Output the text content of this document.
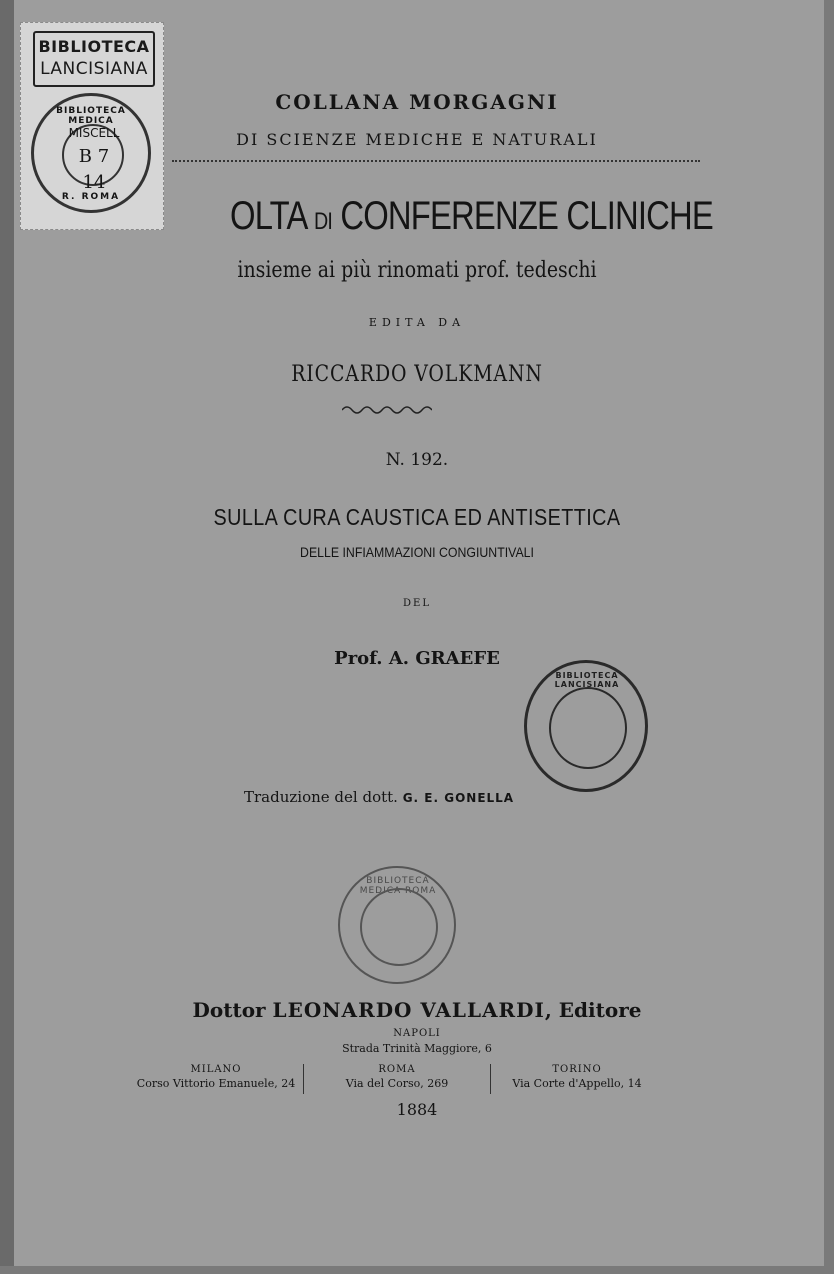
BIBLIOTECA
LANCISIANA
BIBLIOTECA MEDICA
MISCELL
B 7
14
R. ROMA
COLLANA MORGAGNI
DI SCIENZE MEDICHE E NATURALI
OLTA DI CONFERENZE CLINICHE
insieme ai più rinomati prof. tedeschi
EDITA DA
RICCARDO VOLKMANN
N. 192.
SULLA CURA CAUSTICA ED ANTISETTICA
DELLE INFIAMMAZIONI CONGIUNTIVALI
DEL
Prof. A. GRAEFE
BIBLIOTECA LANCISIANA
Traduzione del dott. G. E. GONELLA
BIBLIOTECA MEDICA ROMA
Dottor LEONARDO VALLARDI, Editore
NAPOLI
Strada Trinità Maggiore, 6
MILANO
Corso Vittorio Emanuele, 24
ROMA
Via del Corso, 269
TORINO
Via Corte d'Appello, 14
1884
